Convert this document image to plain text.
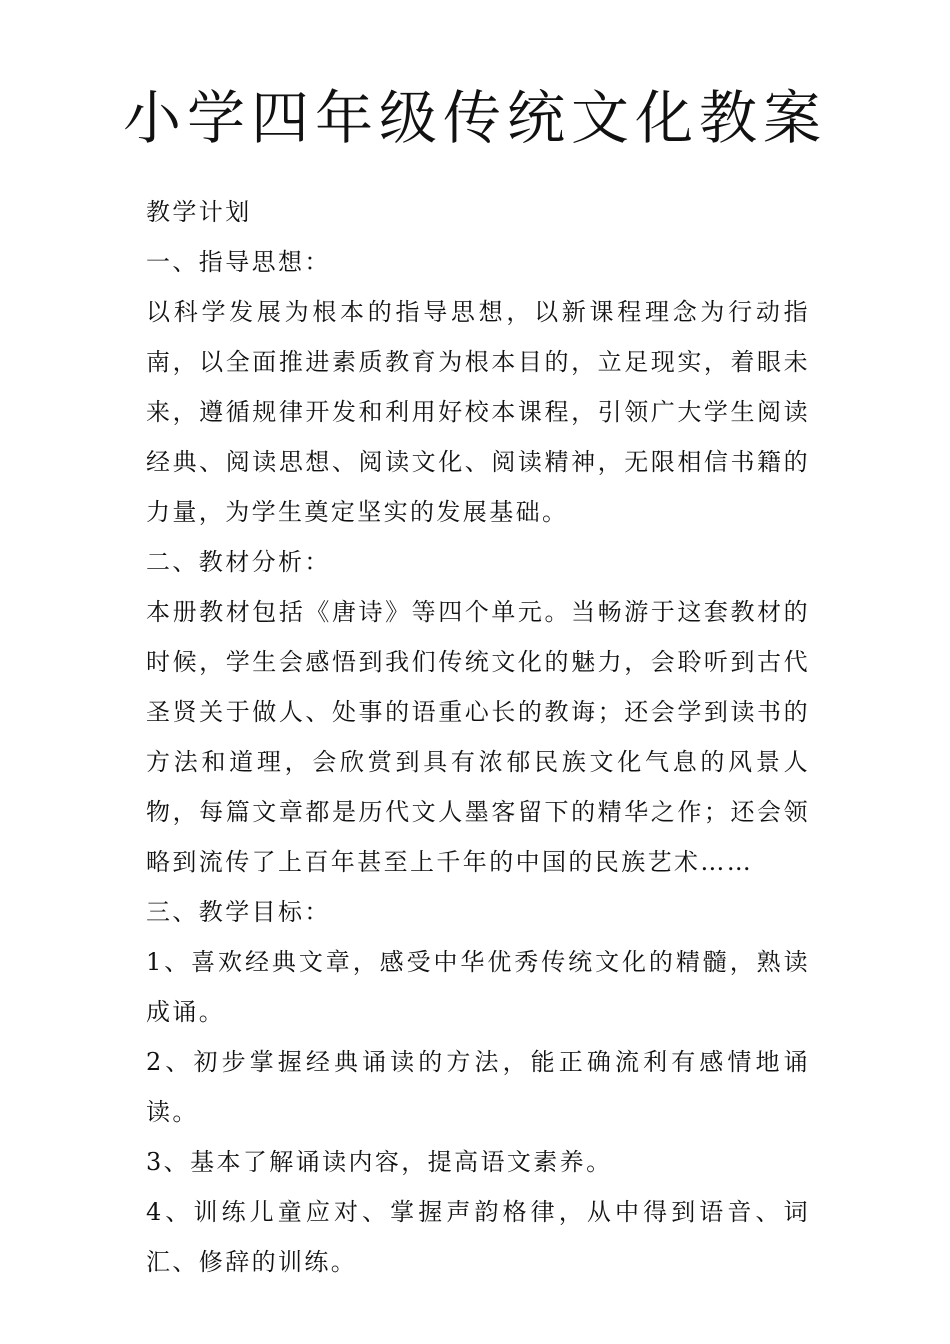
小学四年级传统文化教案

教学计划

一、指导思想：

以科学发展为根本的指导思想，以新课程理念为行动指南，以全面推进素质教育为根本目的，立足现实，着眼未来，遵循规律开发和利用好校本课程，引领广大学生阅读经典、阅读思想、阅读文化、阅读精神，无限相信书籍的力量，为学生奠定坚实的发展基础。

二、教材分析：

本册教材包括《唐诗》等四个单元。当畅游于这套教材的时候，学生会感悟到我们传统文化的魅力，会聆听到古代圣贤关于做人、处事的语重心长的教诲；还会学到读书的方法和道理，会欣赏到具有浓郁民族文化气息的风景人物，每篇文章都是历代文人墨客留下的精华之作；还会领略到流传了上百年甚至上千年的中国的民族艺术……

三、教学目标：

1、喜欢经典文章，感受中华优秀传统文化的精髓，熟读成诵。

2、初步掌握经典诵读的方法，能正确流利有感情地诵读。

3、基本了解诵读内容，提高语文素养。

4、训练儿童应对、掌握声韵格律，从中得到语音、词汇、修辞的训练。
